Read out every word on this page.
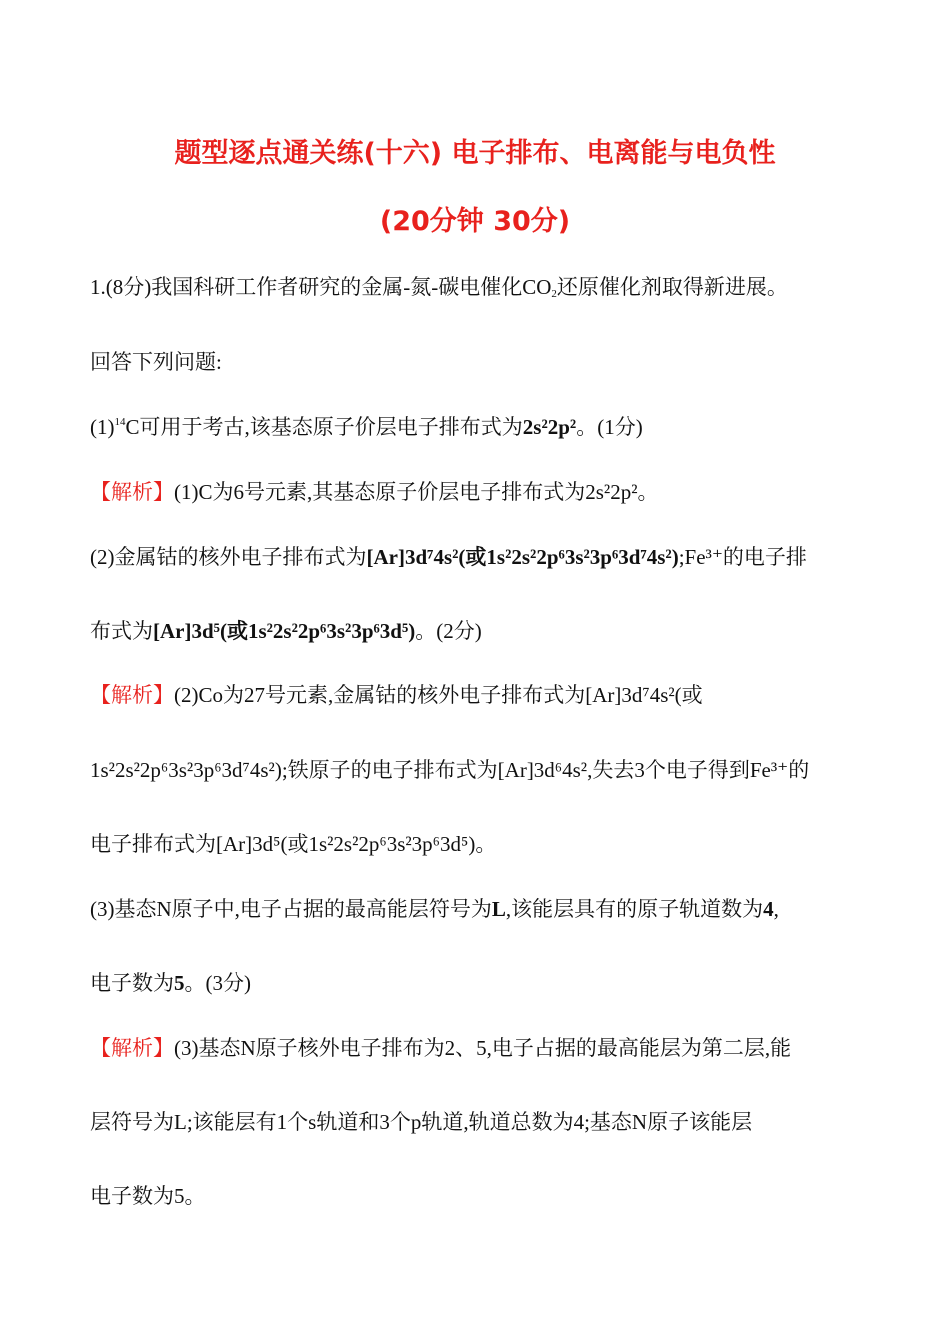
题型逐点通关练(十六) 电子排布、电离能与电负性
(20分钟 30分)
1.(8分)我国科研工作者研究的金属-氮-碳电催化$CO_2$还原催化剂取得新进展。
回答下列问题:
$(1)^{14}C$可用于考古,该基态原子价层电子排布式为2s²2p²。(1分)
【解析】(1)C为6号元素,其基态原子价层电子排布式为2s²2p²。
(2)金属钴的核外电子排布式为[Ar]3d⁷4s²(或1s²2s²2p⁶3s²3p⁶3d⁷4s²);Fe³⁺的电子排
布式为[Ar]3d⁵(或1s²2s²2p⁶3s²3p⁶3d⁵)。(2分)
【解析】(2)Co为27号元素,金属钴的核外电子排布式为[Ar]3d⁷4s²(或
1s²2s²2p⁶3s²3p⁶3d⁷4s²);铁原子的电子排布式为[Ar]3d⁶4s²,失去3个电子得到Fe³⁺的
电子排布式为[Ar]3d⁵(或1s²2s²2p⁶3s²3p⁶3d⁵)。
(3)基态N原子中,电子占据的最高能层符号为L,该能层具有的原子轨道数为4,
电子数为5。(3分)
【解析】(3)基态N原子核外电子排布为2、5,电子占据的最高能层为第二层,能
层符号为L;该能层有1个s轨道和3个p轨道,轨道总数为4;基态N原子该能层
电子数为5。
